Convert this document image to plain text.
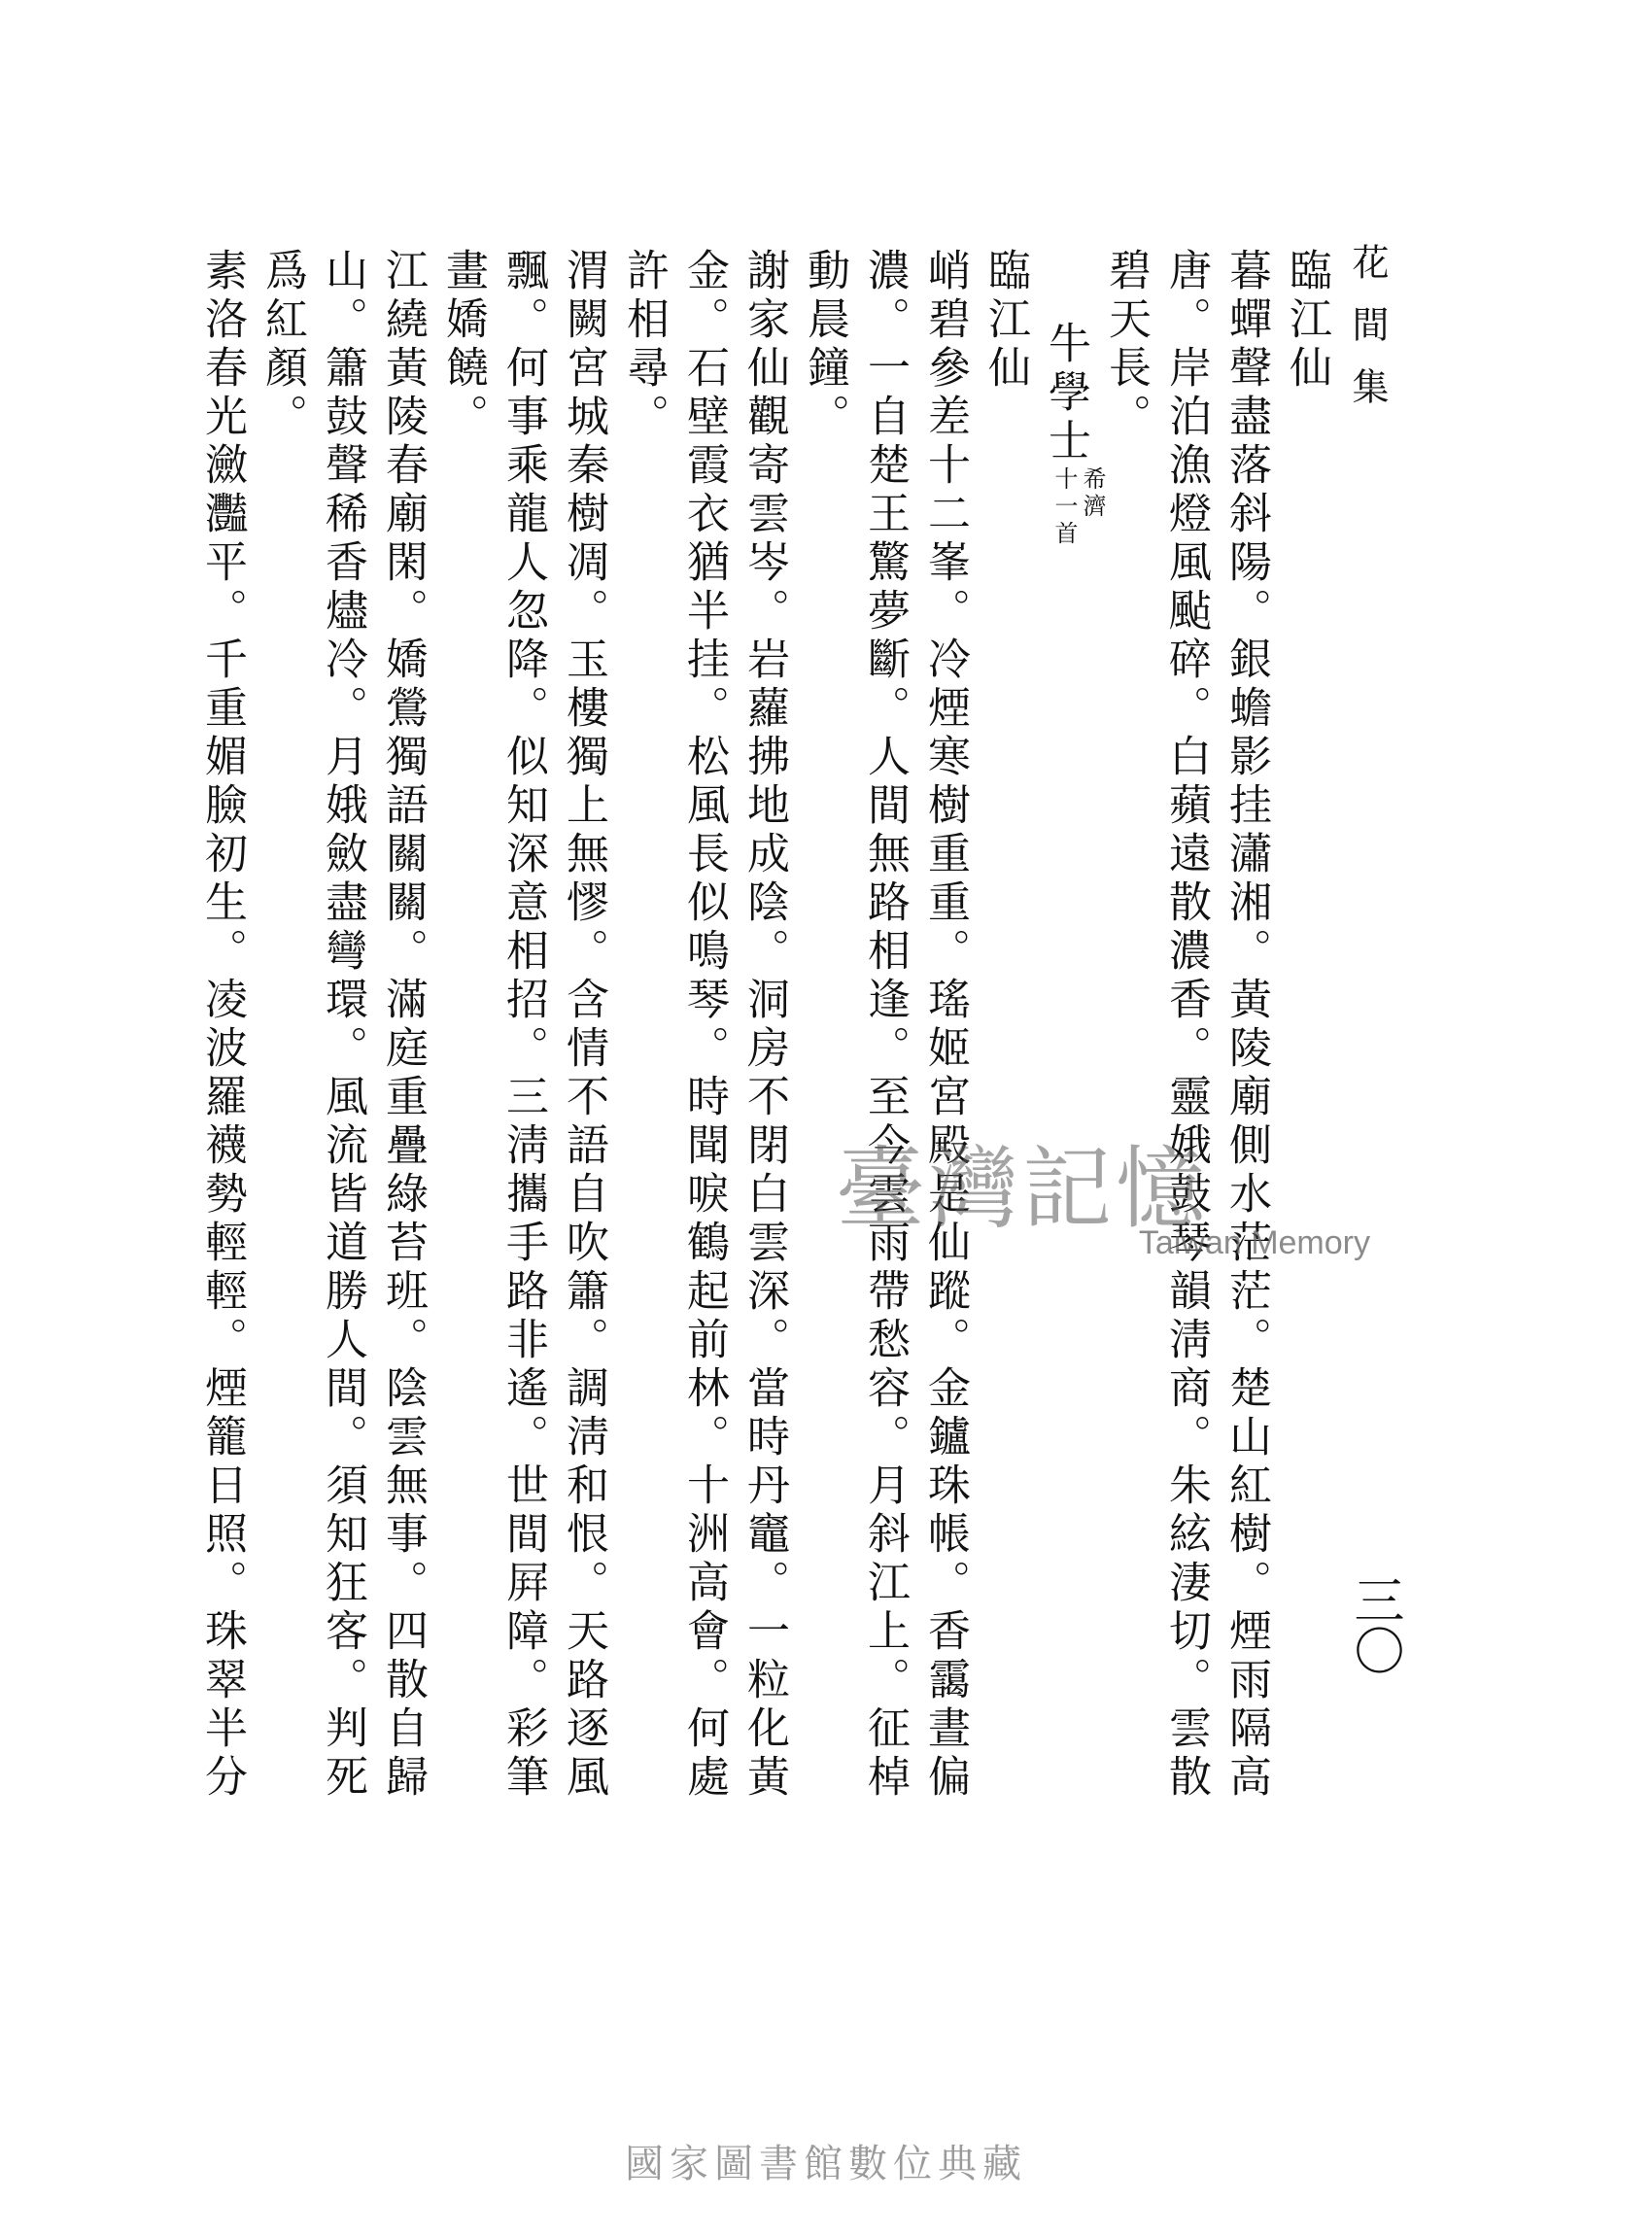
花間集
三〇
臨江仙
暮蟬聲盡落斜陽。銀蟾影挂瀟湘。黃陵廟側水茫茫。楚山紅樹。煙雨隔高
唐。岸泊漁燈風颭碎。白蘋遠散濃香。靈娥鼓琴韻淸商。朱絃淒切。雲散
碧天長。
牛學士
希濟
十一首
臨江仙
峭碧參差十二峯。冷煙寒樹重重。瑤姬宮殿是仙蹤。金鑪珠帳。香靄晝偏
濃。一自楚王驚夢斷。人間無路相逢。至今雲雨帶愁容。月斜江上。征棹
動晨鐘。
謝家仙觀寄雲岑。岩蘿拂地成陰。洞房不閉白雲深。當時丹竈。一粒化黃
金。石壁霞衣猶半挂。松風長似鳴琴。時聞唳鶴起前林。十洲高會。何處
許相尋。
渭闕宮城秦樹凋。玉樓獨上無憀。含情不語自吹簫。調淸和恨。天路逐風
飄。何事乘龍人忽降。似知深意相招。三淸攜手路非遙。世間屛障。彩筆
畫嬌饒。
江繞黃陵春廟閑。嬌鶯獨語關關。滿庭重疊綠苔班。陰雲無事。四散自歸
山。簫鼓聲稀香燼冷。月娥斂盡彎環。風流皆道勝人間。須知狂客。判死
爲紅顏。
素洛春光瀲灩平。千重媚臉初生。凌波羅襪勢輕輕。煙籠日照。珠翠半分	臺灣記憶
Taiwan Memory
國家圖書館數位典藏
